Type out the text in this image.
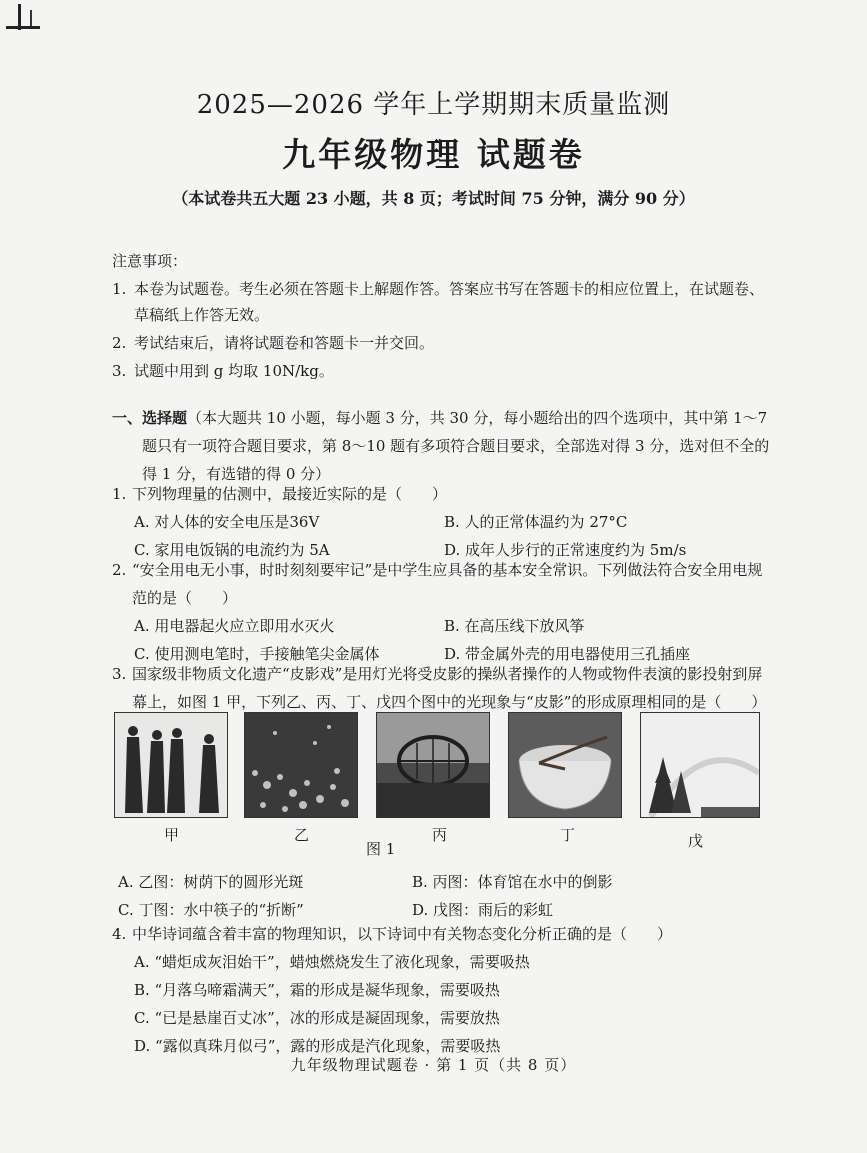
2025—2026 学年上学期期末质量监测
九年级物理 试题卷
（本试卷共五大题 23 小题，共 8 页；考试时间 75 分钟，满分 90 分）
注意事项：
1. 本卷为试题卷。考生必须在答题卡上解题作答。答案应书写在答题卡的相应位置上，在试题卷、草稿纸上作答无效。
2. 考试结束后，请将试题卷和答题卡一并交回。
3. 试题中用到 g 均取 10N/kg。
一、选择题 （本大题共 10 小题，每小题 3 分，共 30 分，每小题给出的四个选项中，其中第 1～7
题只有一项符合题目要求，第 8～10 题有多项符合题目要求，全部选对得 3 分，选对但不全的得 1 分，有选错的得 0 分）
1. 下列物理量的估测中，最接近实际的是（　　）
A. 对人体的安全电压是36V	B. 人的正常体温约为 27°C
C. 家用电饭锅的电流约为 5A	D. 成年人步行的正常速度约为 5m/s
2. “安全用电无小事，时时刻刻要牢记”是中学生应具备的基本安全常识。下列做法符合安全用电规范的是（　　）
A. 用电器起火应立即用水灭火	B. 在高压线下放风筝
C. 使用测电笔时，手接触笔尖金属体	D. 带金属外壳的用电器使用三孔插座
3. 国家级非物质文化遗产“皮影戏”是用灯光将受皮影的操纵者操作的人物或物件表演的影投射到屏幕上，如图 1 甲，下列乙、丙、丁、戊四个图中的光现象与“皮影”的形成原理相同的是（　　）
甲	乙	丙	丁	戊
图 1
A. 乙图：树荫下的圆形光斑	B. 丙图：体育馆在水中的倒影
C. 丁图：水中筷子的“折断”	D. 戊图：雨后的彩虹
4. 中华诗词蕴含着丰富的物理知识，以下诗词中有关物态变化分析正确的是（　　）
A. “蜡炬成灰泪始干”，蜡烛燃烧发生了液化现象，需要吸热
B. “月落乌啼霜满天”，霜的形成是凝华现象，需要吸热
C. “已是悬崖百丈冰”，冰的形成是凝固现象，需要放热
D. “露似真珠月似弓”，露的形成是汽化现象，需要吸热
九年级物理试题卷 · 第 1 页（共 8 页）
